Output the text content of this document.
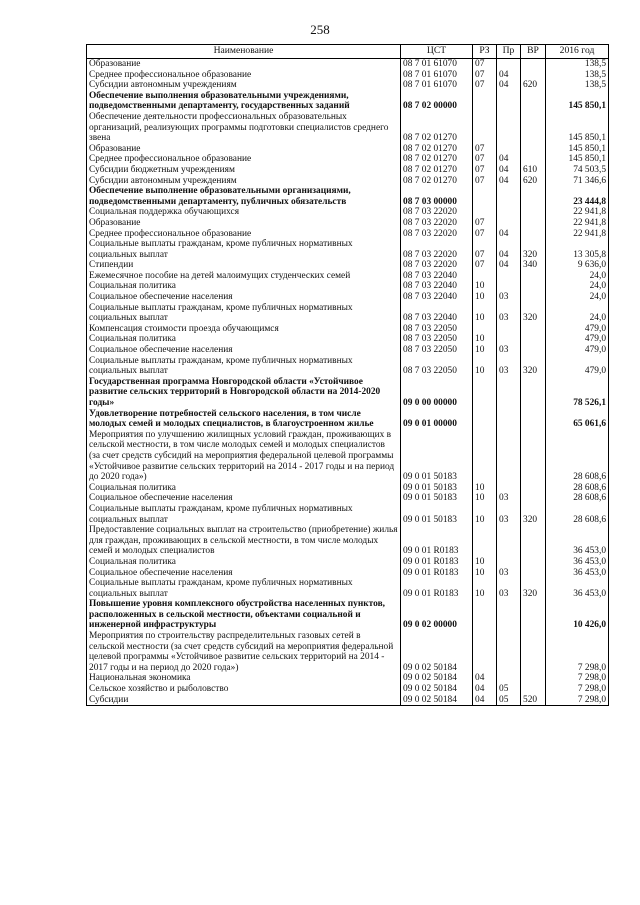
258
Наименование	ЦСТ	РЗ	Пр	ВР	2016 год
Образование	08 7 01 61070	07			138,5
Среднее профессиональное образование	08 7 01 61070	07	04		138,5
Субсидии автономным учреждениям	08 7 01 61070	07	04	620	138,5
Обеспечение выполнения образовательными учреждениями, подведомственными департаменту, государственных заданий	08 7 02 00000				145 850,1
Обеспечение деятельности профессиональных образовательных организаций, реализующих программы подготовки специалистов среднего звена	08 7 02 01270				145 850,1
Образование	08 7 02 01270	07			145 850,1
Среднее профессиональное образование	08 7 02 01270	07	04		145 850,1
Субсидии бюджетным учреждениям	08 7 02 01270	07	04	610	74 503,5
Субсидии автономным учреждениям	08 7 02 01270	07	04	620	71 346,6
Обеспечение выполнение образовательными организациями, подведомственными департаменту, публичных обязательств	08 7 03 00000				23 444,8
Социальная поддержка обучающихся	08 7 03 22020				22 941,8
Образование	08 7 03 22020	07			22 941,8
Среднее профессиональное образование	08 7 03 22020	07	04		22 941,8
Социальные выплаты гражданам, кроме публичных нормативных социальных выплат	08 7 03 22020	07	04	320	13 305,8
Стипендии	08 7 03 22020	07	04	340	9 636,0
Ежемесячное пособие на детей малоимущих студенческих семей	08 7 03 22040				24,0
Социальная политика	08 7 03 22040	10			24,0
Социальное обеспечение населения	08 7 03 22040	10	03		24,0
Социальные выплаты гражданам, кроме публичных нормативных социальных выплат	08 7 03 22040	10	03	320	24,0
Компенсация стоимости проезда обучающимся	08 7 03 22050				479,0
Социальная политика	08 7 03 22050	10			479,0
Социальное обеспечение населения	08 7 03 22050	10	03		479,0
Социальные выплаты гражданам, кроме публичных нормативных социальных выплат	08 7 03 22050	10	03	320	479,0
Государственная программа Новгородской области «Устойчивое развитие сельских территорий в Новгородской области на 2014-2020 годы»	09 0 00 00000				78 526,1
Удовлетворение потребностей сельского населения, в том числе молодых семей и молодых специалистов, в благоустроенном жилье	09 0 01 00000				65 061,6
Мероприятия по улучшению жилищных условий граждан, проживающих в сельской местности, в том числе молодых семей и молодых специалистов (за счет средств субсидий на мероприятия федеральной целевой программы «Устойчивое развитие сельских территорий на 2014 - 2017 годы и на период до 2020 года»)	09 0 01 50183				28 608,6
Социальная политика	09 0 01 50183	10			28 608,6
Социальное обеспечение населения	09 0 01 50183	10	03		28 608,6
Социальные выплаты гражданам, кроме публичных нормативных социальных выплат	09 0 01 50183	10	03	320	28 608,6
Предоставление социальных выплат на строительство (приобретение) жилья для граждан, проживающих в сельской местности, в том числе молодых семей и молодых специалистов	09 0 01 R0183				36 453,0
Социальная политика	09 0 01 R0183	10			36 453,0
Социальное обеспечение населения	09 0 01 R0183	10	03		36 453,0
Социальные выплаты гражданам, кроме публичных нормативных социальных выплат	09 0 01 R0183	10	03	320	36 453,0
Повышение уровня комплексного обустройства населенных пунктов, расположенных в сельской местности, объектами социальной и инженерной инфраструктуры	09 0 02 00000				10 426,0
Мероприятия по строительству распределительных газовых сетей в сельской местности (за счет средств субсидий на мероприятия федеральной целевой программы «Устойчивое развитие сельских территорий на 2014 - 2017 годы и на период до 2020 года»)	09 0 02 50184				7 298,0
Национальная экономика	09 0 02 50184	04			7 298,0
Сельское хозяйство и рыболовство	09 0 02 50184	04	05		7 298,0
Субсидии	09 0 02 50184	04	05	520	7 298,0
